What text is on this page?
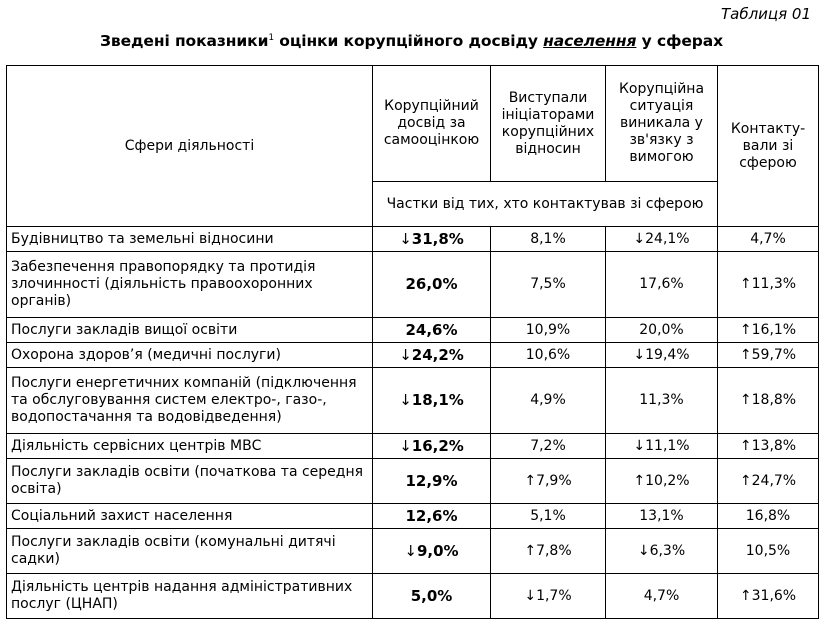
Таблиця 01
Зведені показники$^1$ оцінки корупційного досвіду населення у сферах
Сфери діяльності	Корупційний досвід за самооцінкою	Виступали ініціаторами корупційних відносин	Корупційна ситуація виникала у зв'язку з вимогою	Контакту-вали зі сферою
	Частки від тих, хто контактував зі сферою			
Будівництво та земельні відносини	↓31,8%	8,1%	↓24,1%	4,7%
Забезпечення правопорядку та протидія злочинності (діяльність правоохоронних органів)	26,0%	7,5%	17,6%	↑11,3%
Послуги закладів вищої освіти	24,6%	10,9%	20,0%	↑16,1%
Охорона здоров’я (медичні послуги)	↓24,2%	10,6%	↓19,4%	↑59,7%
Послуги енергетичних компаній (підключення та обслуговування систем електро-, газо-, водопостачання та водовідведення)	↓18,1%	4,9%	11,3%	↑18,8%
Діяльність сервісних центрів МВС	↓16,2%	7,2%	↓11,1%	↑13,8%
Послуги закладів освіти (початкова та середня освіта)	12,9%	↑7,9%	↑10,2%	↑24,7%
Соціальний захист населення	12,6%	5,1%	13,1%	16,8%
Послуги закладів освіти (комунальні дитячі садки)	↓9,0%	↑7,8%	↓6,3%	10,5%
Діяльність центрів надання адміністративних послуг (ЦНАП)	5,0%	↓1,7%	4,7%	↑31,6%
